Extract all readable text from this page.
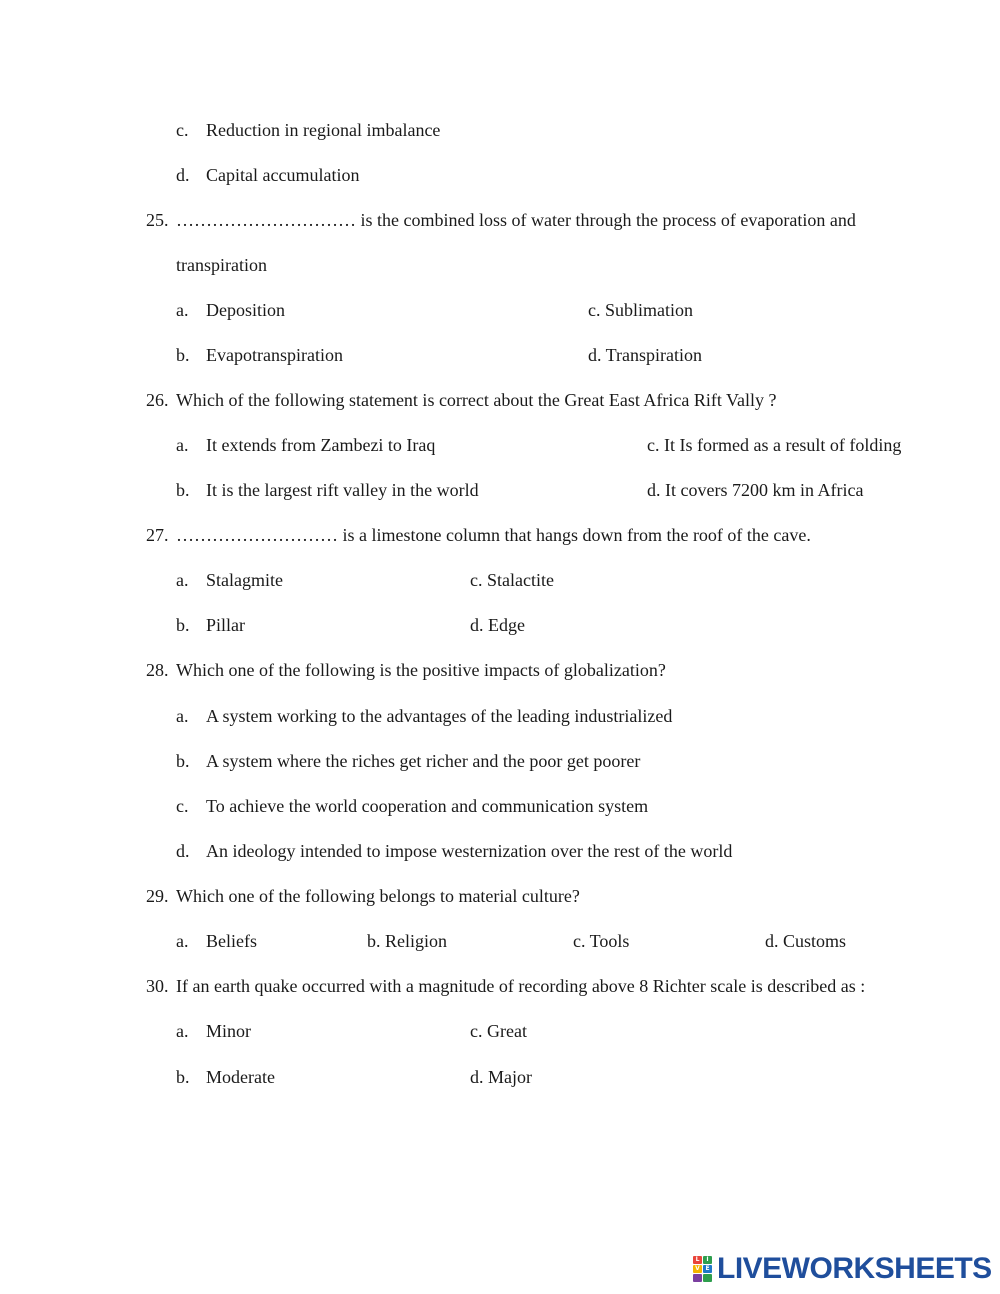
c. Reduction in regional imbalance
d. Capital accumulation
25. ………………………… is the combined loss of water through the process of evaporation and
transpiration
a. Deposition	c. Sublimation
b. Evapotranspiration	d. Transpiration
26. Which of the following statement is correct about the Great East Africa Rift Vally ?
a. It extends from Zambezi to Iraq	c. It Is formed as a result of folding
b. It is the largest rift valley in the world	d. It covers 7200 km in Africa
27. ……………………… is a limestone column that hangs down from the roof of the cave.
a. Stalagmite	c. Stalactite
b. Pillar	d. Edge
28. Which one of the following is the positive impacts of globalization?
a. A system working to the advantages of the leading industrialized
b. A system where the riches get richer and the poor get poorer
c. To achieve the world cooperation and communication system
d. An ideology intended to impose westernization over the rest of the world
29. Which one of the following belongs to material culture?
a. Beliefs	b. Religion	c. Tools	d. Customs
30. If an earth quake occurred with a magnitude of recording above 8 Richter scale is described as :
a. Minor	c. Great
b. Moderate	d. Major
L	I
V E LIVEWORKSHEETS
